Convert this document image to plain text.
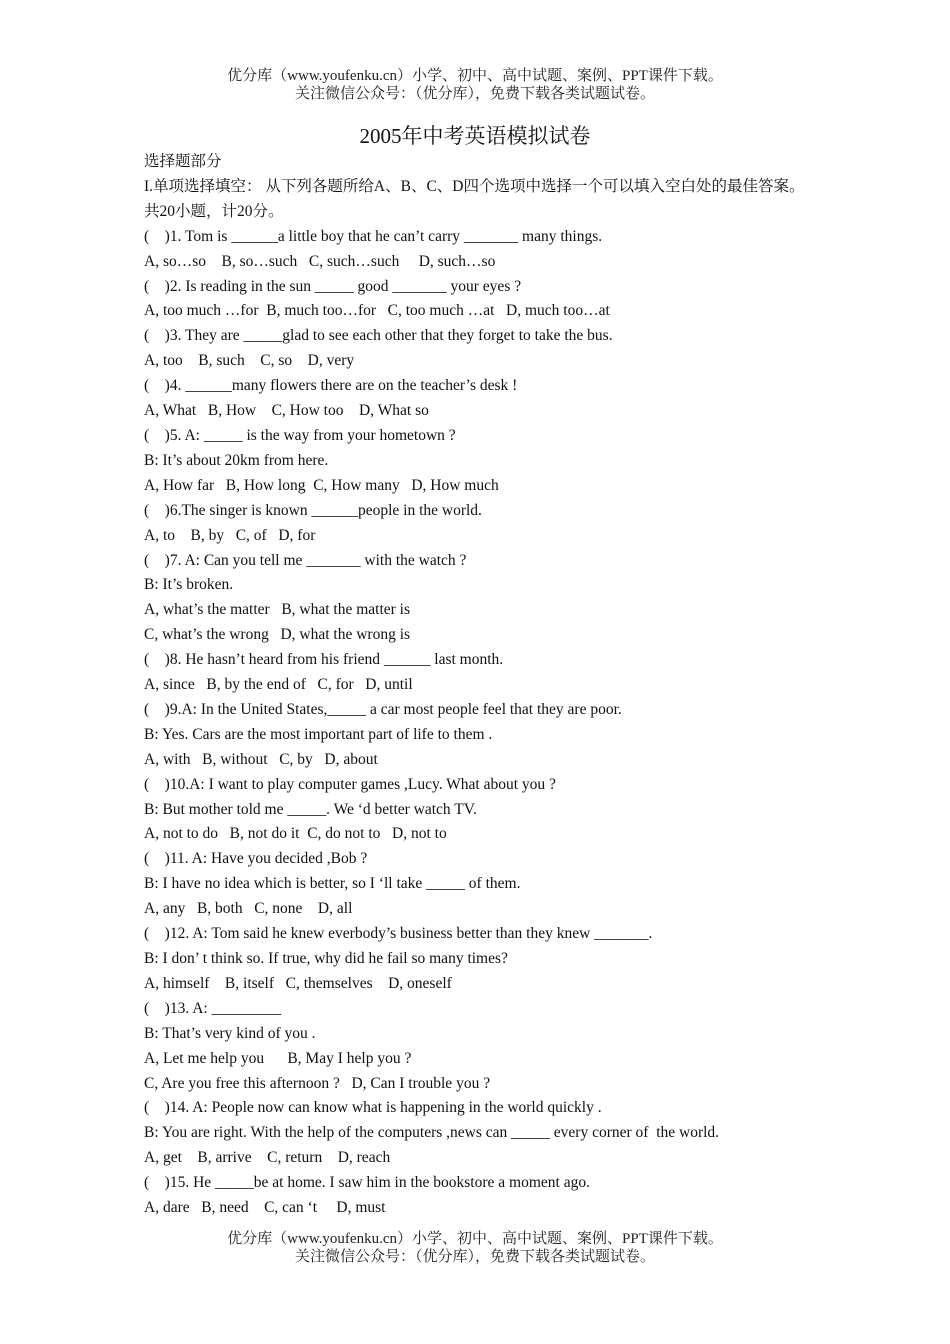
优分库（www.youfenku.cn）小学、初中、高中试题、案例、PPT课件下载。
关注微信公众号：（优分库），免费下载各类试题试卷。
2005年中考英语模拟试卷
选择题部分
I.单项选择填空： 从下列各题所给A、B、C、D四个选项中选择一个可以填入空白处的最佳答案。共20小题，计20分。
(    )1. Tom is ______a little boy that he can’t carry _______ many things.
A, so…so    B, so…such   C, such…such     D, such…so
(    )2. Is reading in the sun _____ good _______ your eyes ?
A, too much …for  B, much too…for   C, too much …at   D, much too…at
(    )3. They are _____glad to see each other that they forget to take the bus.
A, too    B, such    C, so    D, very
(    )4. ______many flowers there are on the teacher’s desk !
A, What   B, How    C, How too    D, What so
(    )5. A: _____ is the way from your hometown ?
B: It’s about 20km from here.
A, How far   B, How long  C, How many   D, How much
(    )6.The singer is known ______people in the world.
A, to    B, by   C, of   D, for
(    )7. A: Can you tell me _______ with the watch ?
B: It’s broken.
A, what’s the matter   B, what the matter is
C, what’s the wrong   D, what the wrong is
(    )8. He hasn’t heard from his friend ______ last month.
A, since   B, by the end of   C, for   D, until
(    )9.A: In the United States,_____ a car most people feel that they are poor.
B: Yes. Cars are the most important part of life to them .
A, with   B, without   C, by   D, about
(    )10.A: I want to play computer games ,Lucy. What about you ?
B: But mother told me _____. We ‘d better watch TV.
A, not to do   B, not do it  C, do not to   D, not to
(    )11. A: Have you decided ,Bob ?
B: I have no idea which is better, so I ‘ll take _____ of them.
A, any   B, both   C, none    D, all
(    )12. A: Tom said he knew everbody’s business better than they knew _______.
B: I don’ t think so. If true, why did he fail so many times?
A, himself    B, itself   C, themselves    D, oneself
(    )13. A: _________
B: That’s very kind of you .
A, Let me help you      B, May I help you ?
C, Are you free this afternoon ?   D, Can I trouble you ?
(    )14. A: People now can know what is happening in the world quickly .
B: You are right. With the help of the computers ,news can _____ every corner of  the world.
A, get    B, arrive    C, return    D, reach
(    )15. He _____be at home. I saw him in the bookstore a moment ago.
A, dare   B, need    C, can ‘t     D, must
优分库（www.youfenku.cn）小学、初中、高中试题、案例、PPT课件下载。
关注微信公众号：（优分库），免费下载各类试题试卷。
